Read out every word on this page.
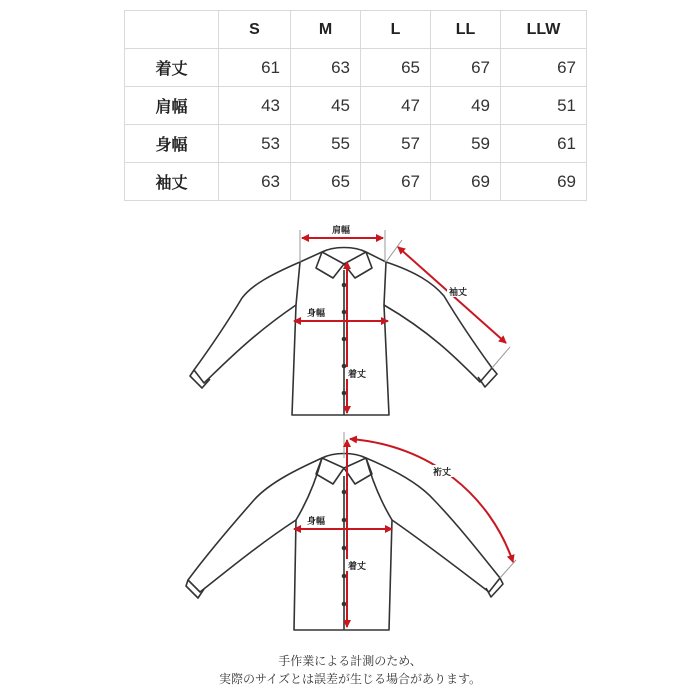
	S	M	L	LL	LLW
着丈	61	63	65	67	67
肩幅	43	45	47	49	51
身幅	53	55	57	59	61
袖丈	63	65	67	69	69
肩幅
袖丈
身幅
着丈
裄丈
身幅
着丈
手作業による計測のため、
実際のサイズとは誤差が生じる場合があります。
